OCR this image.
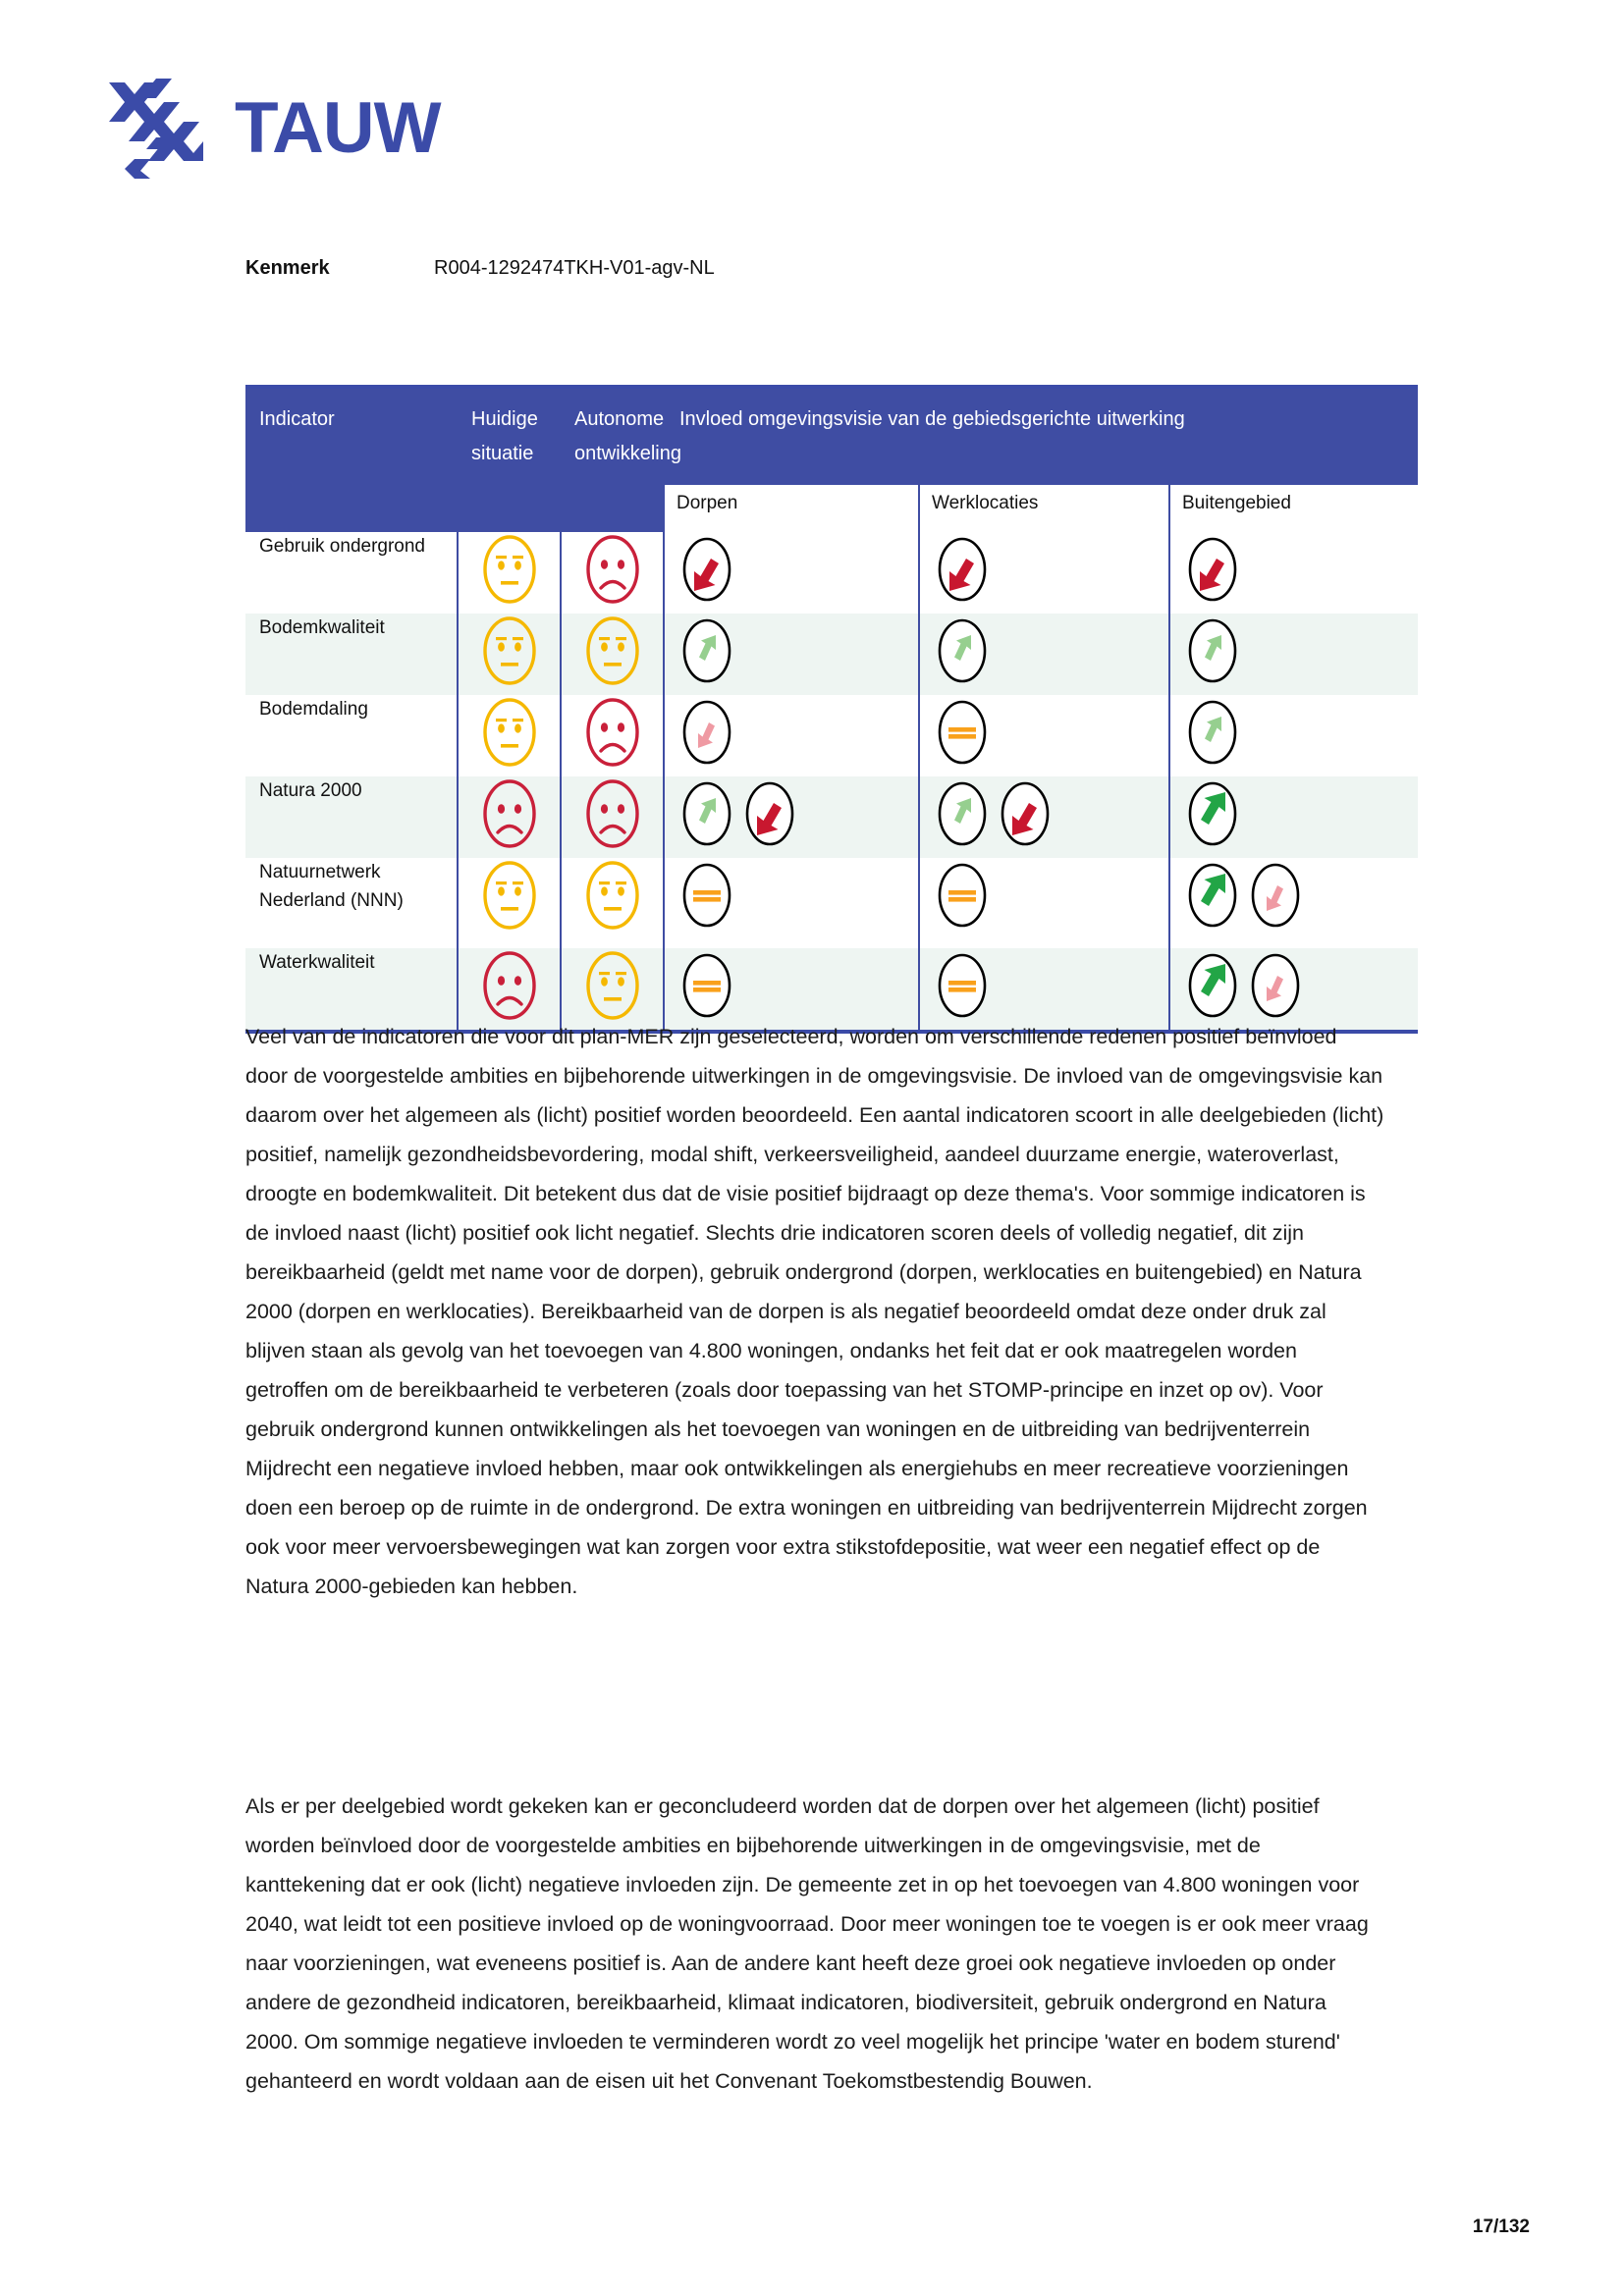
TAUW
Kenmerk	R004-1292474TKH-V01-agv-NL
Indicator	Huidige situatie	Autonome ontwikkeling	Invloed omgevingsvisie van de gebiedsgerichte uitwerking					
			Dorpen		Werklocaties		Buitengebied	
Gebruik ondergrond	

Bodemkwaliteit	

Bodemdaling	

Natura 2000	

Natuurnetwerk Nederland (NNN)	

Waterkwaliteit	

Veel van de indicatoren die voor dit plan-MER zijn geselecteerd, worden om verschillende redenen positief beïnvloed door de voorgestelde ambities en bijbehorende uitwerkingen in de omgevingsvisie. De invloed van de omgevingsvisie kan daarom over het algemeen als (licht) positief worden beoordeeld. Een aantal indicatoren scoort in alle deelgebieden (licht) positief, namelijk gezondheidsbevordering, modal shift, verkeersveiligheid, aandeel duurzame energie, wateroverlast, droogte en bodemkwaliteit. Dit betekent dus dat de visie positief bijdraagt op deze thema's. Voor sommige indicatoren is de invloed naast (licht) positief ook licht negatief. Slechts drie indicatoren scoren deels of volledig negatief, dit zijn bereikbaarheid (geldt met name voor de dorpen), gebruik ondergrond (dorpen, werklocaties en buitengebied) en Natura 2000 (dorpen en werklocaties). Bereikbaarheid van de dorpen is als negatief beoordeeld omdat deze onder druk zal blijven staan als gevolg van het toevoegen van 4.800 woningen, ondanks het feit dat er ook maatregelen worden getroffen om de bereikbaarheid te verbeteren (zoals door toepassing van het STOMP-principe en inzet op ov). Voor gebruik ondergrond kunnen ontwikkelingen als het toevoegen van woningen en de uitbreiding van bedrijventerrein Mijdrecht een negatieve invloed hebben, maar ook ontwikkelingen als energiehubs en meer recreatieve voorzieningen doen een beroep op de ruimte in de ondergrond. De extra woningen en uitbreiding van bedrijventerrein Mijdrecht zorgen ook voor meer vervoersbewegingen wat kan zorgen voor extra stikstofdepositie, wat weer een negatief effect op de Natura 2000-gebieden kan hebben.
Als er per deelgebied wordt gekeken kan er geconcludeerd worden dat de dorpen over het algemeen (licht) positief worden beïnvloed door de voorgestelde ambities en bijbehorende uitwerkingen in de omgevingsvisie, met de kanttekening dat er ook (licht) negatieve invloeden zijn. De gemeente zet in op het toevoegen van 4.800 woningen voor 2040, wat leidt tot een positieve invloed op de woningvoorraad. Door meer woningen toe te voegen is er ook meer vraag naar voorzieningen, wat eveneens positief is. Aan de andere kant heeft deze groei ook negatieve invloeden op onder andere de gezondheid indicatoren, bereikbaarheid, klimaat indicatoren, biodiversiteit, gebruik ondergrond en Natura 2000. Om sommige negatieve invloeden te verminderen wordt zo veel mogelijk het principe 'water en bodem sturend' gehanteerd en wordt voldaan aan de eisen uit het Convenant Toekomstbestendig Bouwen.
17/132
